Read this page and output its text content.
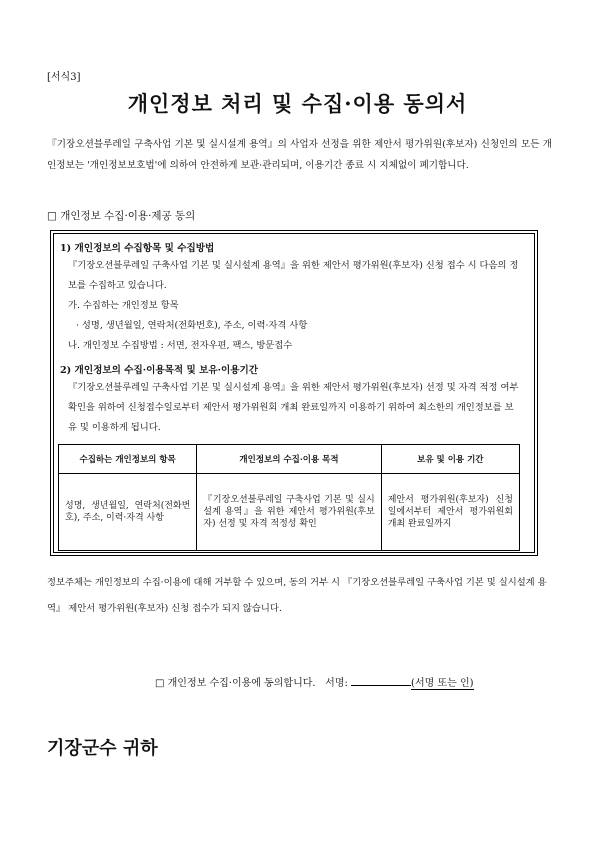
[서식3]
개인정보 처리 및 수집·이용 동의서
『기장오션블루레일 구축사업 기본 및 실시설계 용역』의 사업자 선정을 위한 제안서 평가위원(후보자) 신청인의 모든 개인정보는 '개인정보보호법'에 의하여 안전하게 보관·관리되며, 이용기간 종료 시 지체없이 폐기합니다.
□ 개인정보 수집·이용·제공 동의
1) 개인정보의 수집항목 및 수집방법
『기장오션블루레일 구축사업 기본 및 실시설계 용역』을 위한 제안서 평가위원(후보자) 신청 접수 시 다음의 정보를 수집하고 있습니다.
가. 수집하는 개인정보 항목
· 성명, 생년월일, 연락처(전화번호), 주소, 이력·자격 사항
나. 개인정보 수집방법 : 서면, 전자우편, 팩스, 방문접수
2) 개인정보의 수집·이용목적 및 보유·이용기간
『기장오션블루레일 구축사업 기본 및 실시설계 용역』을 위한 제안서 평가위원(후보자) 선정 및 자격 적정 여부 확인을 위하여 신청접수일로부터 제안서 평가위원회 개최 완료일까지 이용하기 위하여 최소한의 개인정보를 보유 및 이용하게 됩니다.
수집하는 개인정보의 항목	개인정보의 수집·이용 목적	보유 및 이용 기간
성명, 생년월일, 연락처(전화번호), 주소, 이력·자격 사항	『기장오션블루레일 구축사업 기본 및 실시설계 용역』을 위한 제안서 평가위원(후보자) 선정 및 자격 적정성 확인	제안서 평가위원(후보자) 신청일에서부터 제안서 평가위원회 개최 완료일까지
정보주체는 개인정보의 수집·이용에 대해 거부할 수 있으며, 동의 거부 시 『기장오션블루레일 구축사업 기본 및 실시설계 용역』 제안서 평가위원(후보자) 신청 접수가 되지 않습니다.
□ 개인정보 수집·이용에 동의합니다. 서명:	(서명 또는 인)
기장군수 귀하
